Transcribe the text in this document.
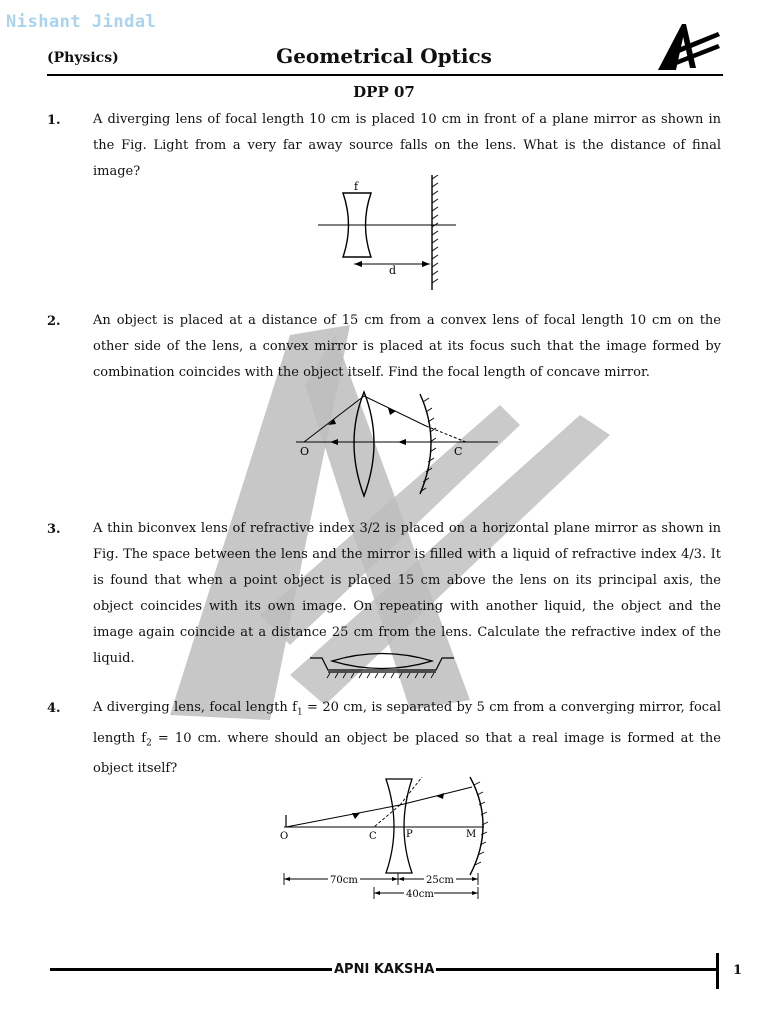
Nishant Jindal
(Physics)	Geometrical Optics
DPP 07
1. A diverging lens of focal length 10 cm is placed 10 cm in front of a plane mirror as shown in the Fig. Light from a very far away source falls on the lens. What is the distance of final image?
f
d
2. An object is placed at a distance of 15 cm from a convex lens of focal length 10 cm on the other side of the lens, a convex mirror is placed at its focus such that the image formed by combination coincides with the object itself. Find the focal length of concave mirror.
O	C
3. A thin biconvex lens of refractive index 3/2 is placed on a horizontal plane mirror as shown in Fig. The space between the lens and the mirror is filled with a liquid of refractive index 4/3. It is found that when a point object is placed 15 cm above the lens on its principal axis, the object coincides with its own image. On repeating with another liquid, the object and the image again coincide at a distance 25 cm from the lens. Calculate the refractive index of the liquid.
4. A diverging lens, focal length $f_1 = 20$ cm, is separated by 5 cm from a converging mirror, focal length $f_2 = 10$ cm. where should an object be placed so that a real image is formed at the object itself?
O	C	P	M
70cm	25cm
40cm
APNI KAKSHA	1
